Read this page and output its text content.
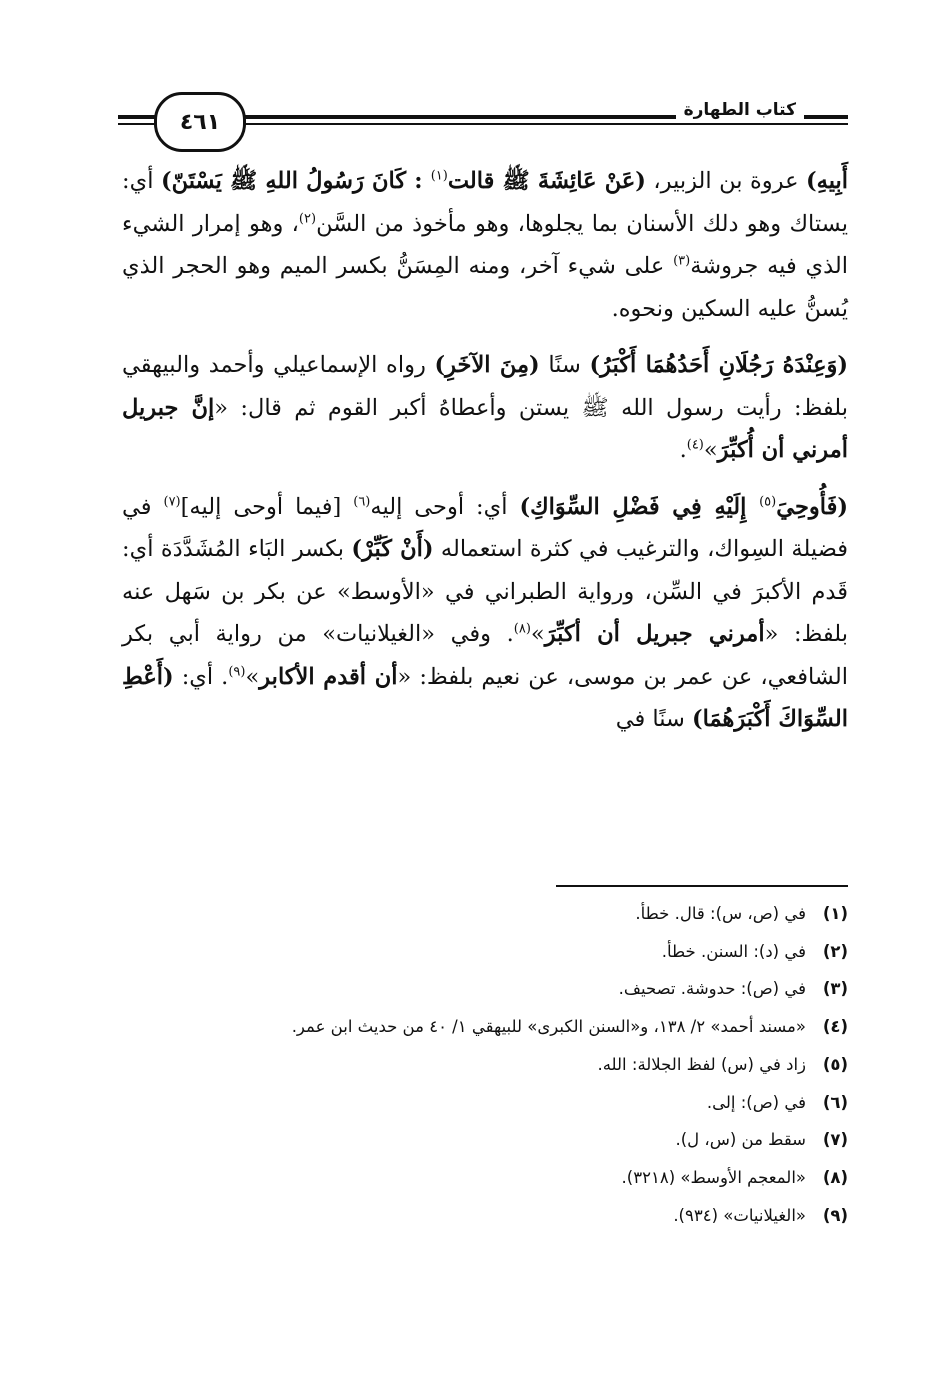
كتاب الطهارة
٤٦١

أَبِيهِ) عروة بن الزبير، (عَنْ عَائِشَةَ ﷺ قالت$^{(١)}$ : كَانَ رَسُولُ اللهِ ﷺ يَسْتَنّ) أي: يستاك وهو دلك الأسنان بما يجلوها، وهو مأخوذ من السَّن$^{(٢)}$، وهو إمرار الشيء الذي فيه جروشة$^{(٣)}$ على شيء آخر، ومنه المِسَنُّ بكسر الميم وهو الحجر الذي يُسنُّ عليه السكين ونحوه.

(وَعِنْدَهُ رَجُلَانِ أَحَدُهُمَا أَكْبَرُ) سنًا (مِنَ الآخَرِ) رواه الإسماعيلي وأحمد والبيهقي بلفظ: رأيت رسول الله ﷺ يستن وأعطاهُ أكبر القوم ثم قال: «إنَّ جبريل أمرني أن أُكبِّرَ»$^{(٤)}$.

(فَأُوحِيَ$^{(٥)}$ إِلَيْهِ فِي فَضْلِ السِّوَاكِ) أي: أوحى إليه$^{(٦)}$ [فيما أوحى إليه]$^{(٧)}$ في فضيلة السِواك، والترغيب في كثرة استعماله (أَنْ كَبِّرْ) بكسر البَاء المُشَدَّدَة أي: قَدم الأكبرَ في السِّن، ورواية الطبراني في «الأوسط» عن بكر بن سَهل عنه بلفظ: «أمرني جبريل أن أكبِّرَ»$^{(٨)}$. وفي «الغيلانيات» من رواية أبي بكر الشافعي، عن عمر بن موسى، عن نعيم بلفظ: «أن أقدم الأكابر»$^{(٩)}$. أي: (أَعْطِ السِّوَاكَ أَكْبَرَهُمَا) سنًا في

(١)
في (ص، س): قال. خطأ.
(٢)
في (د): السنن. خطأ.
(٣)
في (ص): حدوشة. تصحيف.
(٤)
«مسند أحمد» ٢/ ١٣٨، و«السنن الكبرى» للبيهقي ١/ ٤٠ من حديث ابن عمر.
(٥)
زاد في (س) لفظ الجلالة: الله.
(٦)
في (ص): إلى.
(٧)
سقط من (س، ل).
(٨)
«المعجم الأوسط» (٣٢١٨).
(٩)
«الغيلانيات» (٩٣٤).
